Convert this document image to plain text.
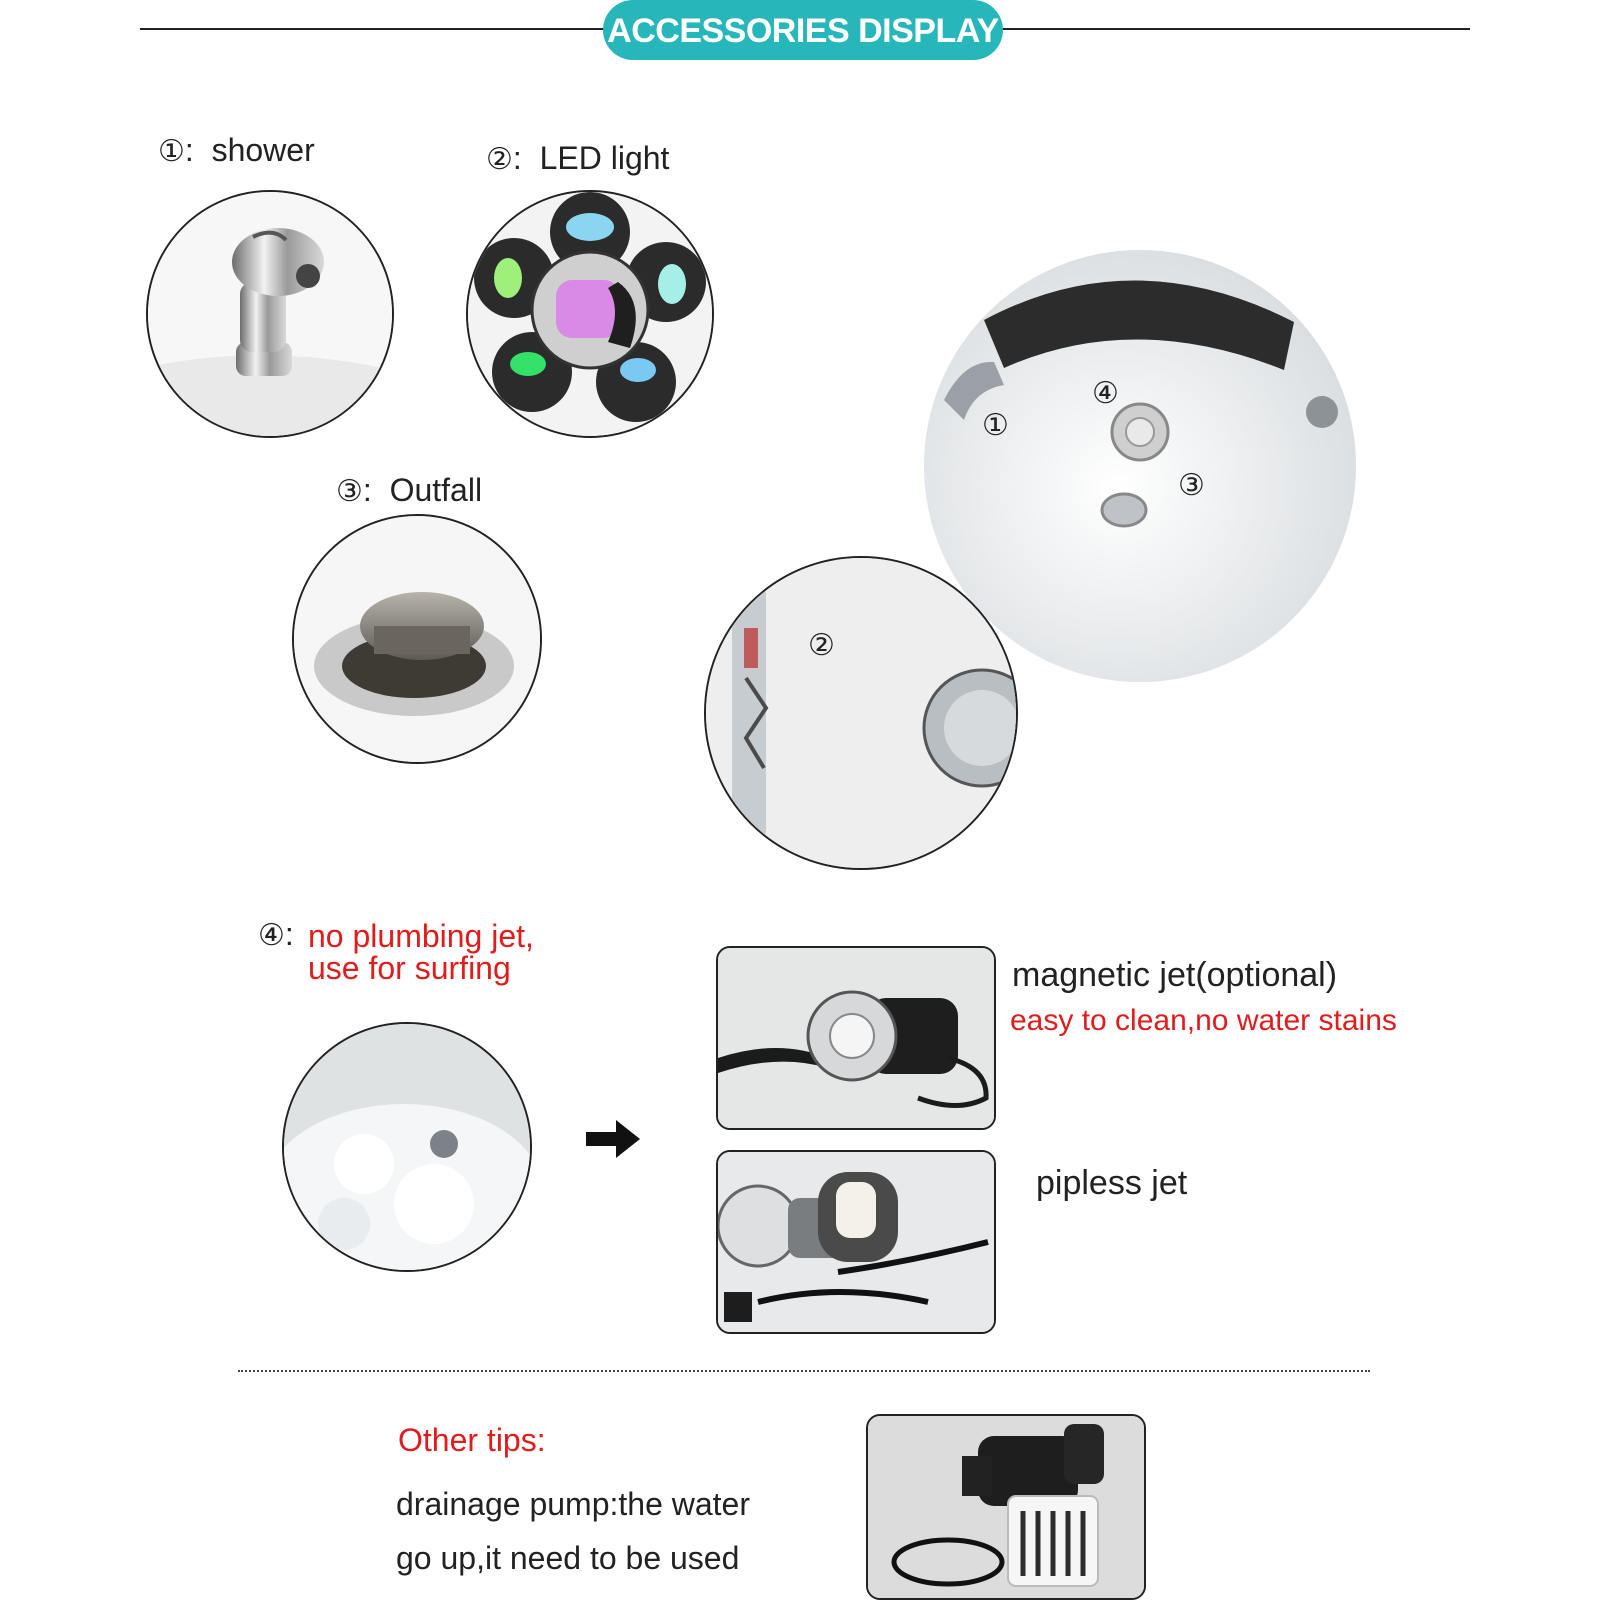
ACCESSORIES DISPLAY
①:  shower	②:  LED light
③:  Outfall
①
④
③
②
④: no plumbing jet,
use for surfing	magnetic jet(optional)
easy to clean,no water stains
pipless jet
Other tips:
drainage pump:the water
go up,it need to be used
